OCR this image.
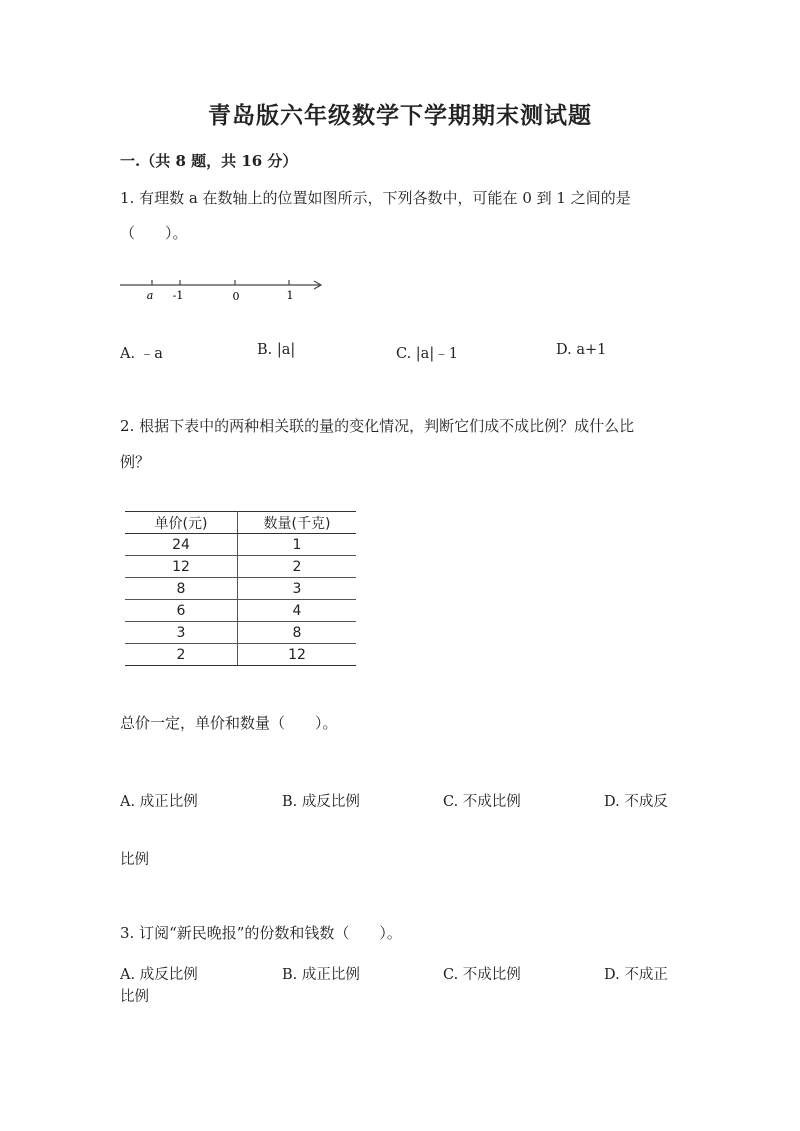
青岛版六年级数学下学期期末测试题
一.（共 8 题，共 16 分）
1. 有理数 a 在数轴上的位置如图所示，下列各数中，可能在 0 到 1 之间的是
（　　）。
a -1	0	1
A. ﹣a	B. |a|	C. |a|﹣1	D. a+1
2. 根据下表中的两种相关联的量的变化情况，判断它们成不成比例？成什么比
例？
单价(元)	数量(千克)
24	1
12	2
8	3
6	4
3	8
2	12
总价一定，单价和数量（　　）。
A. 成正比例	B. 成反比例	C. 不成比例	D. 不成反
比例
3. 订阅“新民晚报”的份数和钱数（　　）。
A. 成反比例	B. 成正比例	C. 不成比例	D. 不成正
比例
